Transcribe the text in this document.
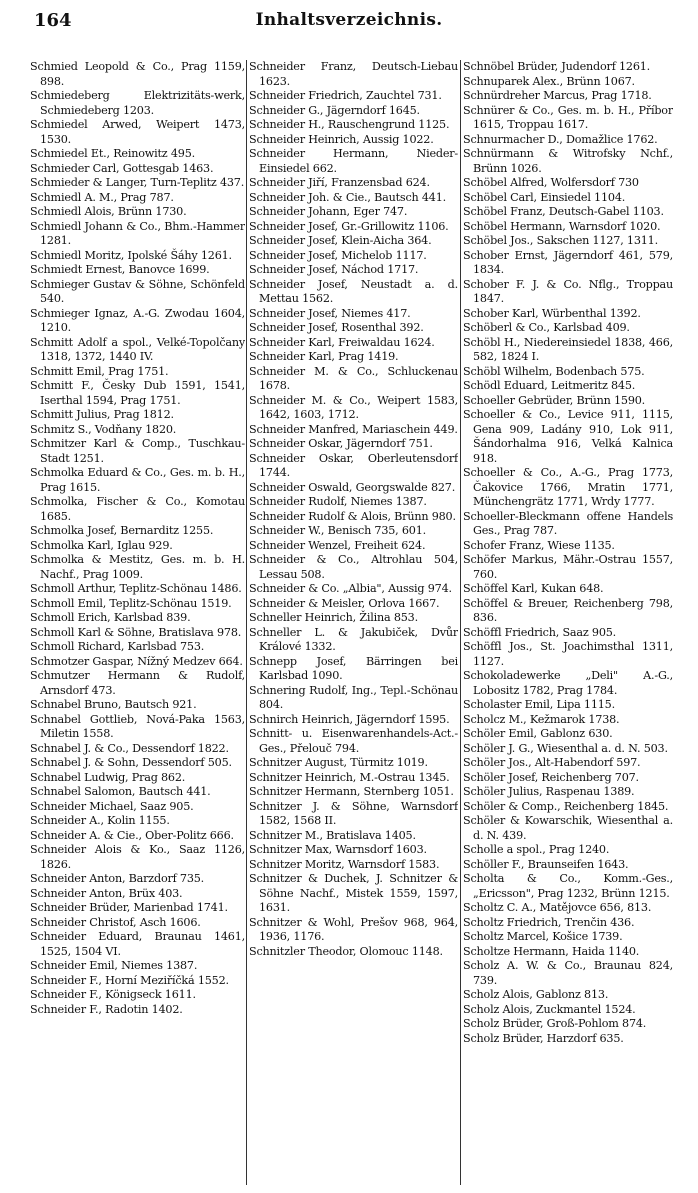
164	Inhaltsverzeichnis.
Schmied Leopold & Co., Prag 1159, 898.
Schmiedeberg Elektrizitäts-werk, Schmiedeberg 1203.
Schmiedel Arwed, Weipert 1473, 1530.
Schmiedel Et., Reinowitz 495.
Schmieder Carl, Gottesgab 1463.
Schmieder & Langer, Turn-Teplitz 437.
Schmiedl A. M., Prag 787.
Schmiedl Alois, Brünn 1730.
Schmiedl Johann & Co., Bhm.-Hammer 1281.
Schmiedl Moritz, Ipolské Šáhy 1261.
Schmiedt Ernest, Banovce 1699.
Schmieger Gustav & Söhne, Schönfeld 540.
Schmieger Ignaz, A.-G. Zwodau 1604, 1210.
Schmitt Adolf a spol., Velké-Topolčany 1318, 1372, 1440 IV.
Schmitt Emil, Prag 1751.
Schmitt F., Česky Dub 1591, 1541, Iserthal 1594, Prag 1751.
Schmitt Julius, Prag 1812.
Schmitz S., Vodňany 1820.
Schmitzer Karl & Comp., Tuschkau-Stadt 1251.
Schmolka Eduard & Co., Ges. m. b. H., Prag 1615.
Schmolka, Fischer & Co., Komotau 1685.
Schmolka Josef, Bernarditz 1255.
Schmolka Karl, Iglau 929.
Schmolka & Mestitz, Ges. m. b. H. Nachf., Prag 1009.
Schmoll Arthur, Teplitz-Schönau 1486.
Schmoll Emil, Teplitz-Schönau 1519.
Schmoll Erich, Karlsbad 839.
Schmoll Karl & Söhne, Bratislava 978.
Schmoll Richard, Karlsbad 753.
Schmotzer Gaspar, Nížný Medzev 664.
Schmutzer Hermann & Rudolf, Arnsdorf 473.
Schnabel Bruno, Bautsch 921.
Schnabel Gottlieb, Nová-Paka 1563, Miletin 1558.
Schnabel J. & Co., Dessendorf 1822.
Schnabel J. & Sohn, Dessendorf 505.
Schnabel Ludwig, Prag 862.
Schnabel Salomon, Bautsch 441.
Schneider Michael, Saaz 905.
Schneider A., Kolin 1155.
Schneider A. & Cie., Ober-Politz 666.
Schneider Alois & Ko., Saaz 1126, 1826.
Schneider Anton, Barzdorf 735.
Schneider Anton, Brüx 403.
Schneider Brüder, Marienbad 1741.
Schneider Christof, Asch 1606.
Schneider Eduard, Braunau 1461, 1525, 1504 VI.
Schneider Emil, Niemes 1387.
Schneider F., Horní Meziříčká 1552.
Schneider F., Königseck 1611.
Schneider F., Radotin 1402.
Schneider Franz, Deutsch-Liebau 1623.
Schneider Friedrich, Zauchtel 731.
Schneider G., Jägerndorf 1645.
Schneider H., Rauschengrund 1125.
Schneider Heinrich, Aussig 1022.
Schneider Hermann, Nieder-Einsiedel 662.
Schneider Jiří, Franzensbad 624.
Schneider Joh. & Cie., Bautsch 441.
Schneider Johann, Eger 747.
Schneider Josef, Gr.-Grillowitz 1106.
Schneider Josef, Klein-Aicha 364.
Schneider Josef, Michelob 1117.
Schneider Josef, Náchod 1717.
Schneider Josef, Neustadt a. d. Mettau 1562.
Schneider Josef, Niemes 417.
Schneider Josef, Rosenthal 392.
Schneider Karl, Freiwaldau 1624.
Schneider Karl, Prag 1419.
Schneider M. & Co., Schluckenau 1678.
Schneider M. & Co., Weipert 1583, 1642, 1603, 1712.
Schneider Manfred, Mariaschein 449.
Schneider Oskar, Jägerndorf 751.
Schneider Oskar, Oberleutensdorf 1744.
Schneider Oswald, Georgswalde 827.
Schneider Rudolf, Niemes 1387.
Schneider Rudolf & Alois, Brünn 980.
Schneider W., Benisch 735, 601.
Schneider Wenzel, Freiheit 624.
Schneider & Co., Altrohlau 504, Lessau 508.
Schneider & Co. „Albia", Aussig 974.
Schneider & Meisler, Orlova 1667.
Schneller Heinrich, Žilina 853.
Schneller L. & Jakubiček, Dvůr Králové 1332.
Schnepp Josef, Bärringen bei Karlsbad 1090.
Schnering Rudolf, Ing., Tepl.-Schönau 804.
Schnirch Heinrich, Jägerndorf 1595.
Schnitt- u. Eisenwarenhandels-Act.-Ges., Přelouč 794.
Schnitzer August, Türmitz 1019.
Schnitzer Heinrich, M.-Ostrau 1345.
Schnitzer Hermann, Sternberg 1051.
Schnitzer J. & Söhne, Warnsdorf 1582, 1568 II.
Schnitzer M., Bratislava 1405.
Schnitzer Max, Warnsdorf 1603.
Schnitzer Moritz, Warnsdorf 1583.
Schnitzer & Duchek, J. Schnitzer & Söhne Nachf., Mistek 1559, 1597, 1631.
Schnitzer & Wohl, Prešov 968, 964, 1936, 1176.
Schnitzler Theodor, Olomouc 1148.
Schnöbel Brüder, Judendorf 1261.
Schnuparek Alex., Brünn 1067.
Schnürdreher Marcus, Prag 1718.
Schnürer & Co., Ges. m. b. H., Příbor 1615, Troppau 1617.
Schnurmacher D., Domažlice 1762.
Schnürmann & Witrofsky Nchf., Brünn 1026.
Schöbel Alfred, Wolfersdorf 730
Schöbel Carl, Einsiedel 1104.
Schöbel Franz, Deutsch-Gabel 1103.
Schöbel Hermann, Warnsdorf 1020.
Schöbel Jos., Sakschen 1127, 1311.
Schober Ernst, Jägerndorf 461, 579, 1834.
Schober F. J. & Co. Nflg., Troppau 1847.
Schober Karl, Würbenthal 1392.
Schöberl & Co., Karlsbad 409.
Schöbl H., Niedereinsiedel 1838, 466, 582, 1824 I.
Schöbl Wilhelm, Bodenbach 575.
Schödl Eduard, Leitmeritz 845.
Schoeller Gebrüder, Brünn 1590.
Schoeller & Co., Levice 911, 1115, Gena 909, Ladány 910, Lok 911, Šándorhalma 916, Velká Kalnica 918.
Schoeller & Co., A.-G., Prag 1773, Čakovice 1766, Mratin 1771, Münchengrätz 1771, Wrdy 1777.
Schoeller-Bleckmann offene Handels Ges., Prag 787.
Schofer Franz, Wiese 1135.
Schöfer Markus, Mähr.-Ostrau 1557, 760.
Schöffel Karl, Kukan 648.
Schöffel & Breuer, Reichenberg 798, 836.
Schöffl Friedrich, Saaz 905.
Schöffl Jos., St. Joachimsthal 1311, 1127.
Schokoladewerke „Deli" A.-G., Lobositz 1782, Prag 1784.
Scholaster Emil, Lipa 1115.
Scholcz M., Kežmarok 1738.
Schöler Emil, Gablonz 630.
Schöler J. G., Wiesenthal a. d. N. 503.
Schöler Jos., Alt-Habendorf 597.
Schöler Josef, Reichenberg 707.
Schöler Julius, Raspenau 1389.
Schöler & Comp., Reichenberg 1845.
Schöler & Kowarschik, Wiesenthal a. d. N. 439.
Scholle a spol., Prag 1240.
Schöller F., Braunseifen 1643.
Scholta & Co., Komm.-Ges., „Ericsson", Prag 1232, Brünn 1215.
Scholtz C. A., Matějovce 656, 813.
Scholtz Friedrich, Trenčin 436.
Scholtz Marcel, Košice 1739.
Scholtze Hermann, Haida 1140.
Scholz A. W. & Co., Braunau 824, 739.
Scholz Alois, Gablonz 813.
Scholz Alois, Zuckmantel 1524.
Scholz Brüder, Groß-Pohlom 874.
Scholz Brüder, Harzdorf 635.
